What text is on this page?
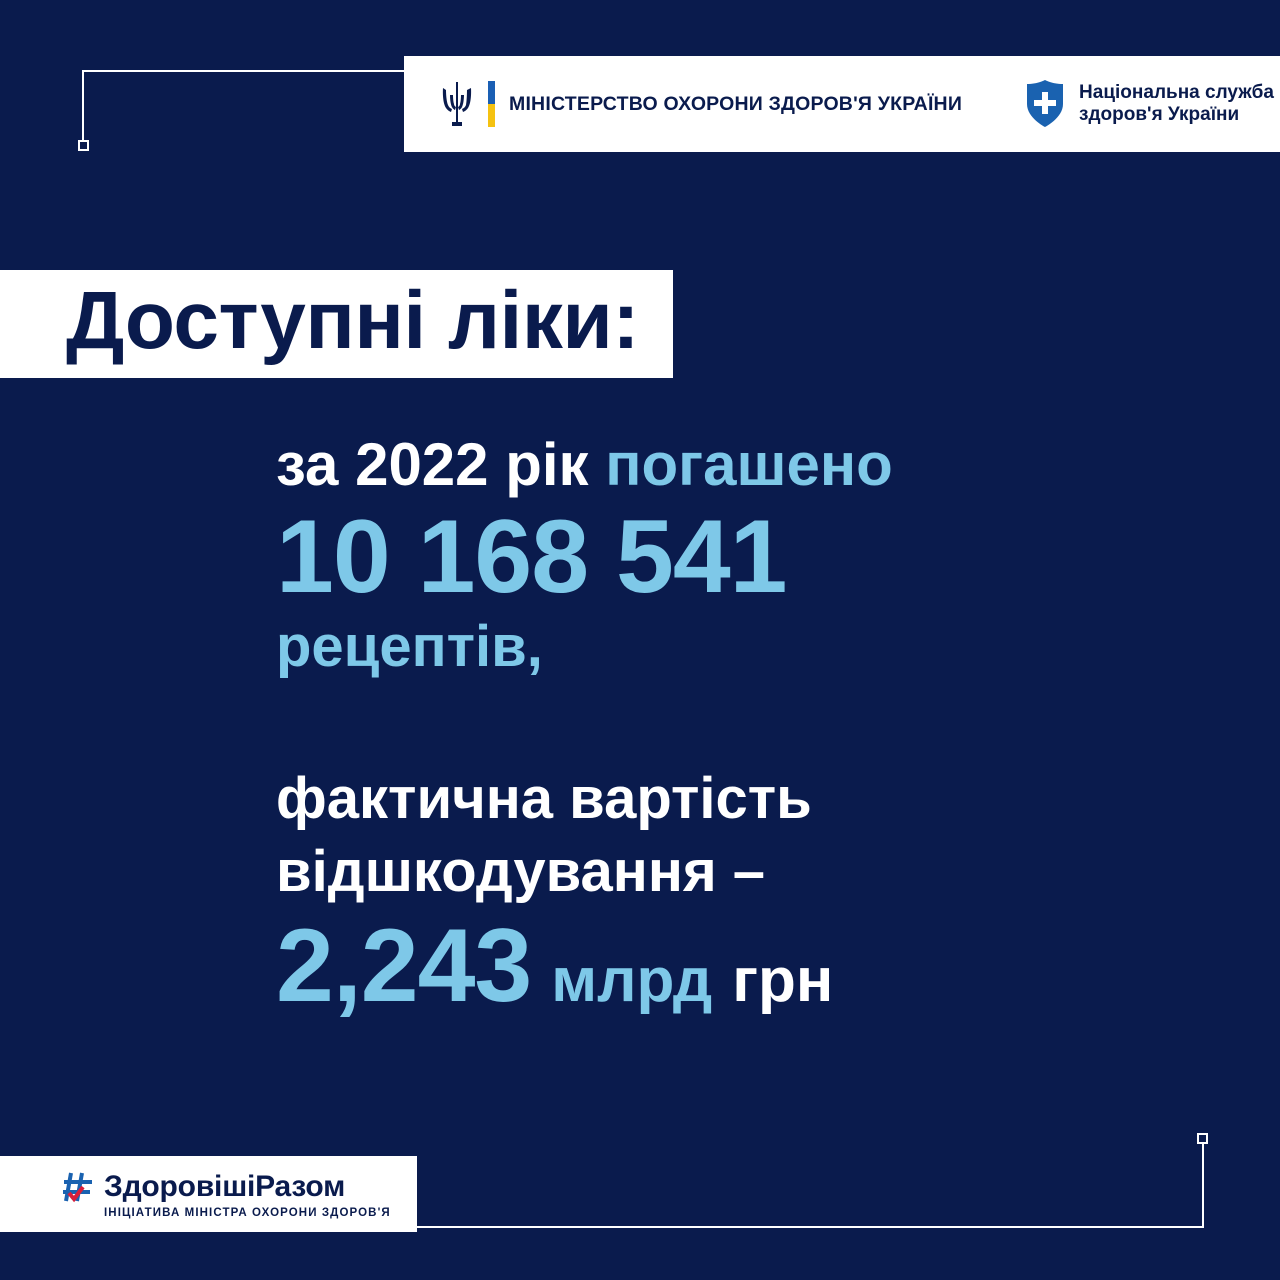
МІНІСТЕРСТВО ОХОРОНИ ЗДОРОВ'Я УКРАЇНИ
Національна служба
здоров'я України
Доступні ліки:
за 2022 рік погашено
10 168 541
рецептів,
фактична вартість
відшкодування –
2,243 млрд грн
ЗдоровішіРазом
ІНІЦІАТИВА МІНІСТРА ОХОРОНИ ЗДОРОВ'Я
